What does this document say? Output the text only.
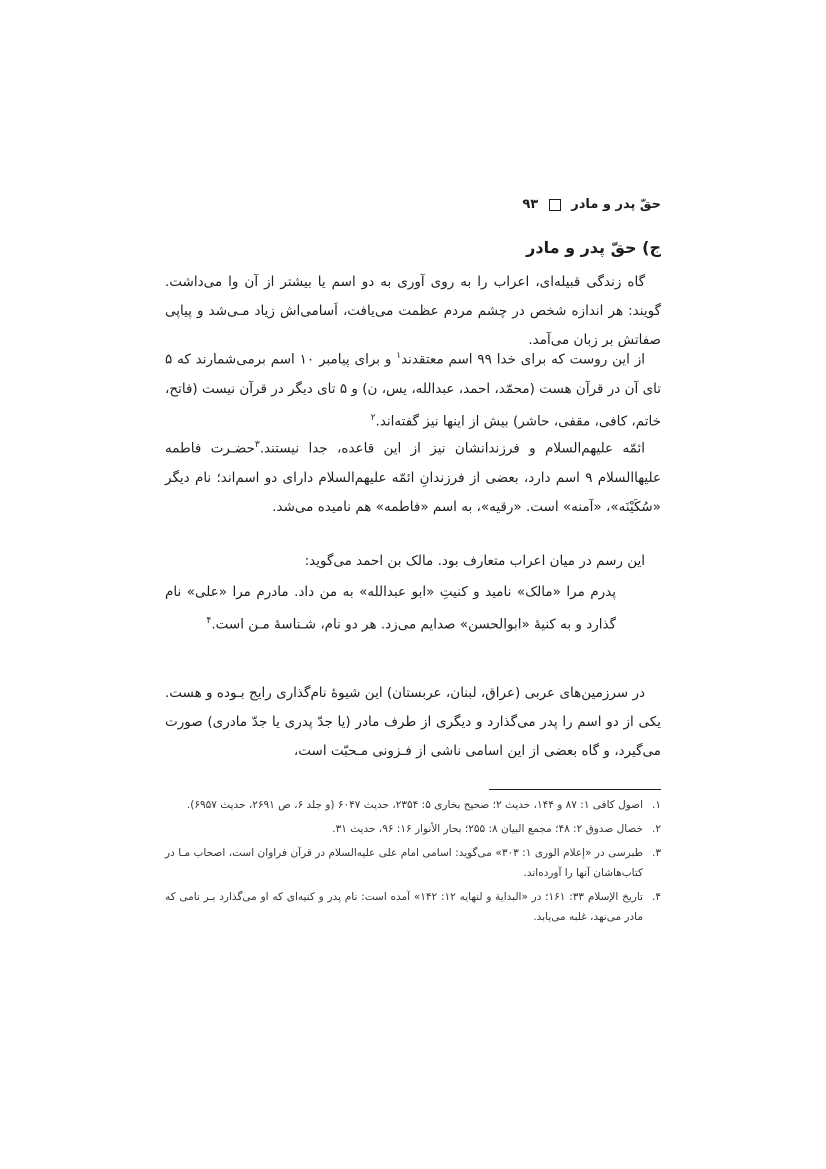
حقّ پدر و مادر  ۹۳
ج) حقّ پدر و مادر

گاه زندگی قبیله‌ای، اعراب را به روی آوری به دو اسم یا بیشتر از آن وا می‌داشت. گویند: هر اندازه شخص در چشم مردم عظمت می‌یافت، اَسامی‌اش زیاد مـی‌شد و پیاپی صفاتش بر زبان می‌آمد.

از این روست که برای خدا ۹۹ اسم معتقدند$^۱$ و برای پیامبر ۱۰ اسم برمی‌شمارند که ۵ تای آن در قرآن هست (محمّد، احمد، عبدالله، یس، ن) و ۵ تای دیگر در قرآن نیست (فاتح، خاتم، کافی، مقفی، حاشر) بیش از اینها نیز گفته‌اند.$^۲$

ائمّه علیهم‌السلام و فرزندانشان نیز از این قاعده، جدا نیستند.$^۳$حضـرت فاطمه علیهاالسلام ۹ اسم دارد، بعضی از فرزندانِ ائمّه علیهم‌السلام دارای دو اسم‌اند؛ نام دیگر «سُکَیْنَه»، «آمنه» است. «رقیه»، به اسم «فاطمه» هم نامیده می‌شد.

این رسم در میان اعراب متعارف بود. مالک بن احمد می‌گوید:

پدرم مرا «مالک» نامید و کنیتِ «ابو عبدالله» به من داد. مادرم مرا «علی» نام گذارد و به کنیهٔ «ابوالحسن» صدایم می‌زد. هر دو نام، شـناسهٔ مـن است.$^۴$

در سرزمین‌های عربی (عراق، لبنان، عربستان) این شیوهٔ نام‌گذاری رایج بـوده و هست. یکی از دو اسم را پدر می‌گذارد و دیگری از طرف مادر (یا جدّ پدری یا جدّ مادری) صورت می‌گیرد، و گاه بعضی از این اسامی ناشی از فـزونی مـحبّت است،

۱.
اصول کافی ۱: ۸۷ و ۱۴۴، حدیث ۲؛ صحیح بخاری ۵: ۲۳۵۴، حدیث ۶۰۴۷ (و جلد ۶، ص ۲۶۹۱، حدیث ۶۹۵۷).
۲.
خصال صدوق ۲: ۴۸؛ مجمع البیان ۸: ۲۵۵؛ بحار الأنوار ۱۶: ۹۶، حدیث ۳۱.
۳.
طبرسی در «إعلام الوری ۱: ۳۰۳» می‌گوید: اسامی امام علی علیه‌السلام در قرآن فراوان است، اصحاب مـا در کتاب‌هاشان آنها را آورده‌اند.
۴.
تاریخ الإسلام ۳۳: ۱۶۱؛ در «البدایة و لنهایه ۱۲: ۱۴۲» آمده است: نام پدر و کنیه‌ای که او می‌گذارد بـر نامی که مادر می‌نهد، غلبه می‌یابد.
